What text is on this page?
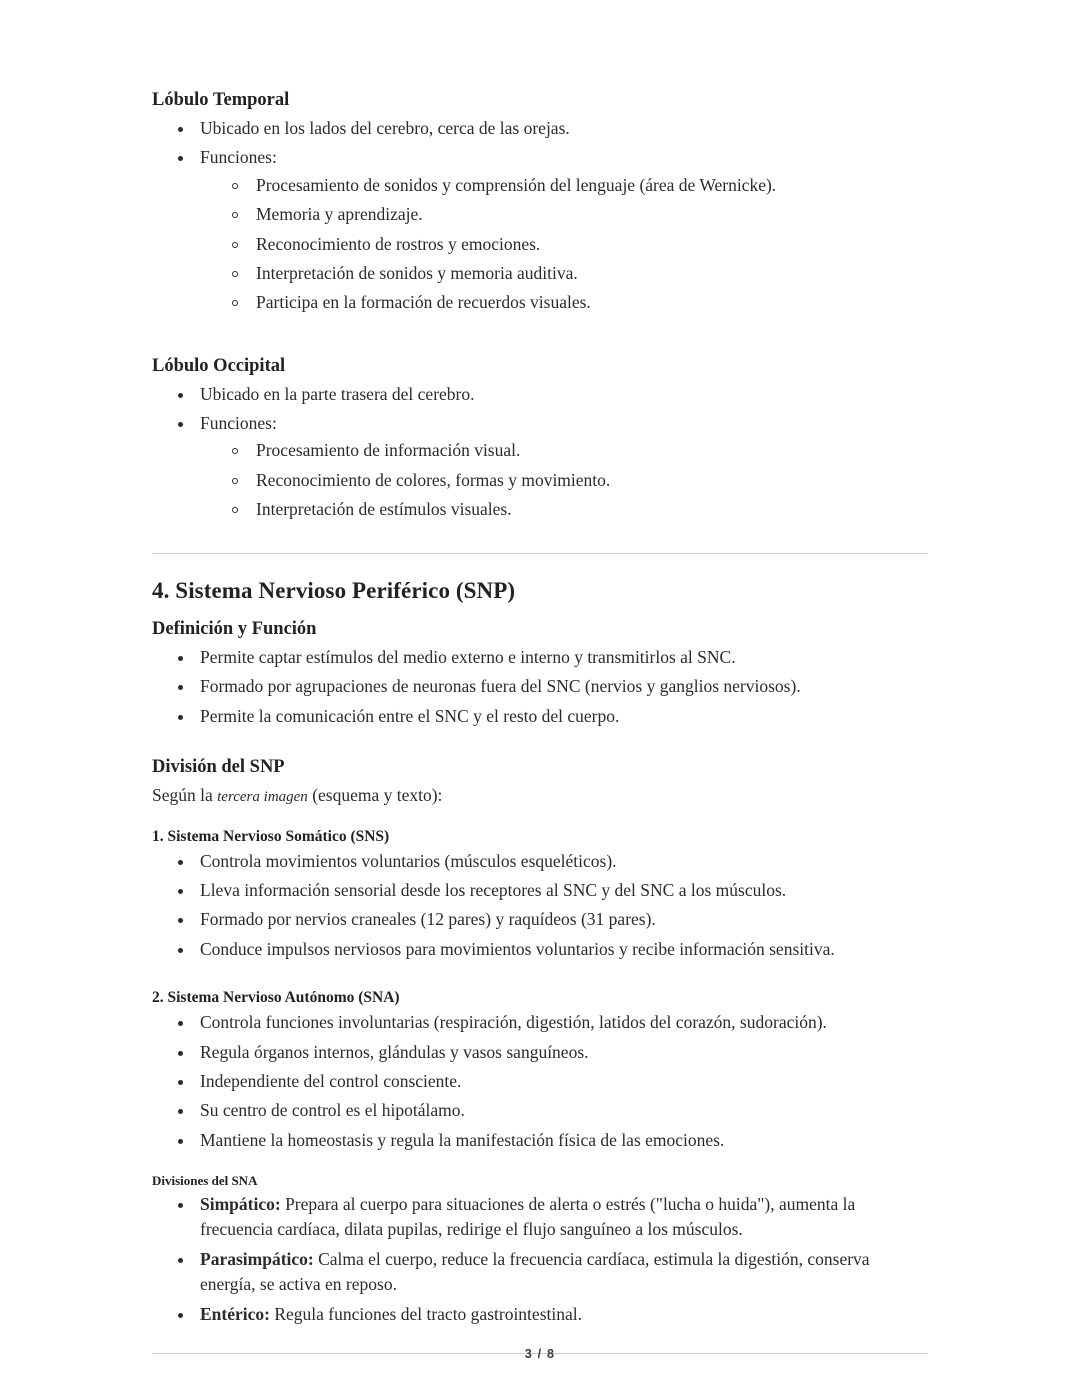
Lóbulo Temporal
Ubicado en los lados del cerebro, cerca de las orejas.
Funciones:
Procesamiento de sonidos y comprensión del lenguaje (área de Wernicke).
Memoria y aprendizaje.
Reconocimiento de rostros y emociones.
Interpretación de sonidos y memoria auditiva.
Participa en la formación de recuerdos visuales.
Lóbulo Occipital
Ubicado en la parte trasera del cerebro.
Funciones:
Procesamiento de información visual.
Reconocimiento de colores, formas y movimiento.
Interpretación de estímulos visuales.
4. Sistema Nervioso Periférico (SNP)
Definición y Función
Permite captar estímulos del medio externo e interno y transmitirlos al SNC.
Formado por agrupaciones de neuronas fuera del SNC (nervios y ganglios nerviosos).
Permite la comunicación entre el SNC y el resto del cuerpo.
División del SNP

Según la tercera imagen (esquema y texto):

1. Sistema Nervioso Somático (SNS)
Controla movimientos voluntarios (músculos esqueléticos).
Lleva información sensorial desde los receptores al SNC y del SNC a los músculos.
Formado por nervios craneales (12 pares) y raquídeos (31 pares).
Conduce impulsos nerviosos para movimientos voluntarios y recibe información sensitiva.
2. Sistema Nervioso Autónomo (SNA)
Controla funciones involuntarias (respiración, digestión, latidos del corazón, sudoración).
Regula órganos internos, glándulas y vasos sanguíneos.
Independiente del control consciente.
Su centro de control es el hipotálamo.
Mantiene la homeostasis y regula la manifestación física de las emociones.
Divisiones del SNA
Simpático: Prepara al cuerpo para situaciones de alerta o estrés ("lucha o huida"), aumenta la frecuencia cardíaca, dilata pupilas, redirige el flujo sanguíneo a los músculos.
Parasimpático: Calma el cuerpo, reduce la frecuencia cardíaca, estimula la digestión, conserva energía, se activa en reposo.
Entérico: Regula funciones del tracto gastrointestinal.
3 / 8
